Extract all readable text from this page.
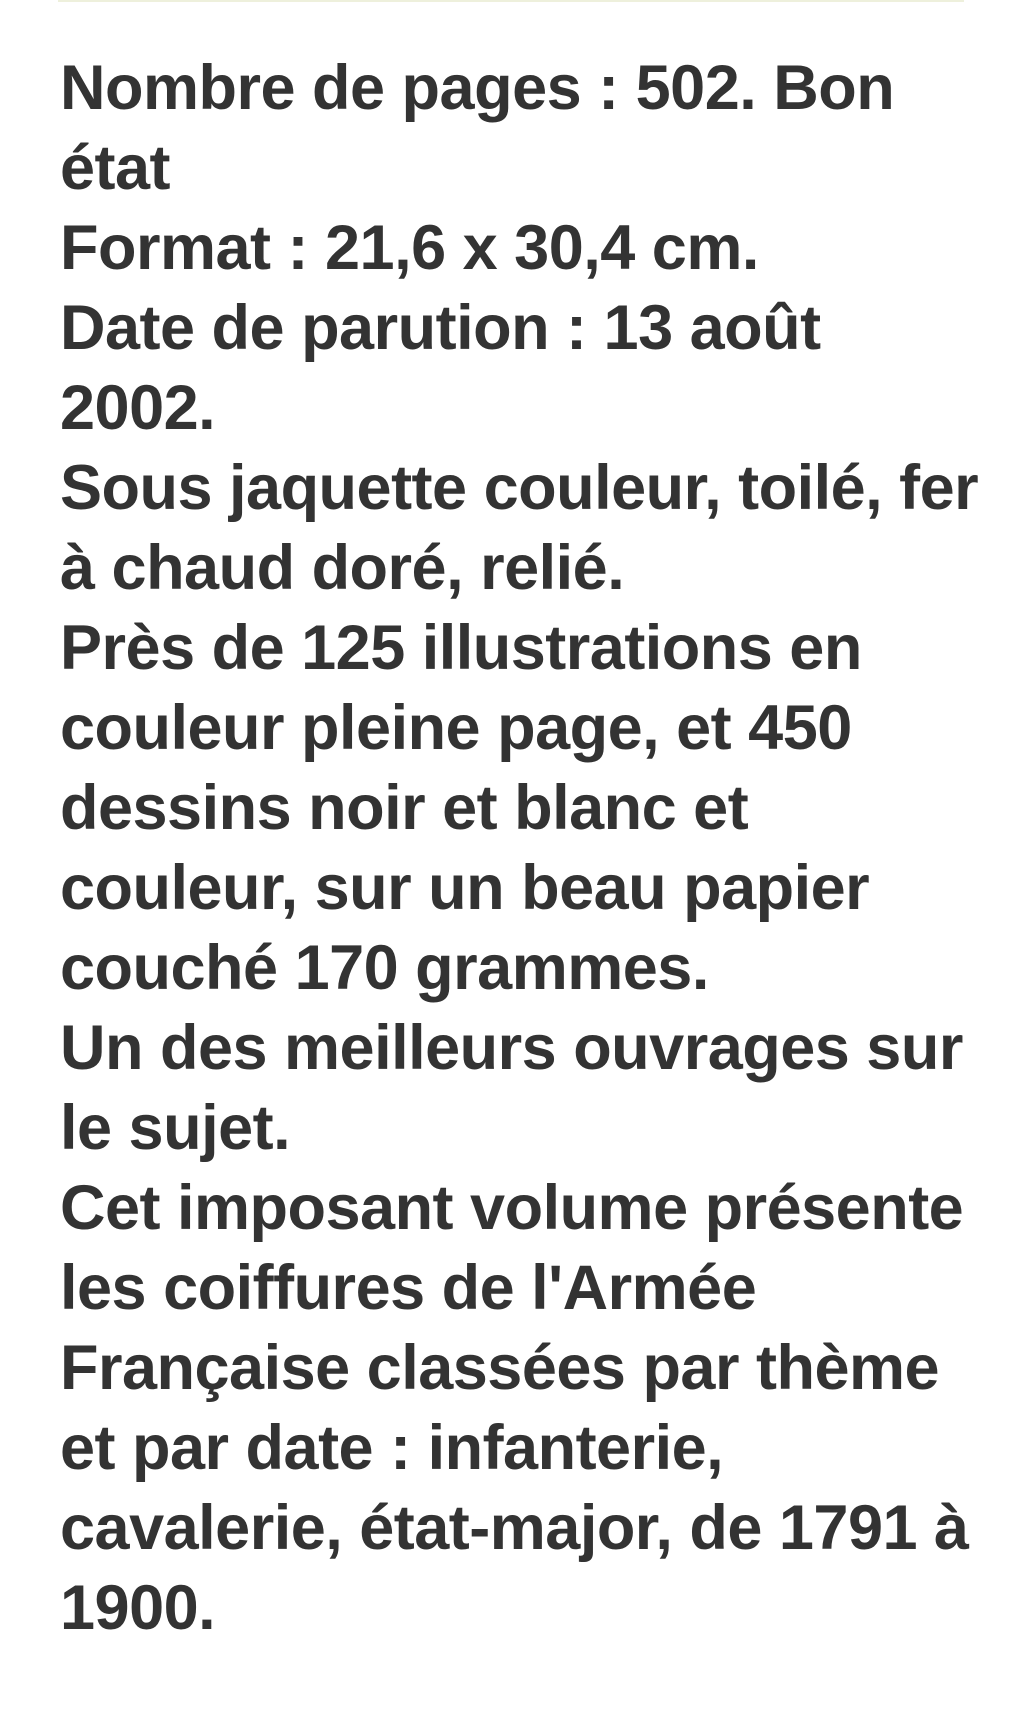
Nombre de pages : 502. Bon
état
Format : 21,6 x 30,4 cm.
Date de parution : 13 août
2002.
Sous jaquette couleur, toilé, fer
à chaud doré, relié.
Près de 125 illustrations en
couleur pleine page, et 450
dessins noir et blanc et
couleur, sur un beau papier
couché 170 grammes.
Un des meilleurs ouvrages sur
le sujet.
Cet imposant volume présente
les coiffures de l'Armée
Française classées par thème
et par date : infanterie,
cavalerie, état-major, de 1791 à
1900.
